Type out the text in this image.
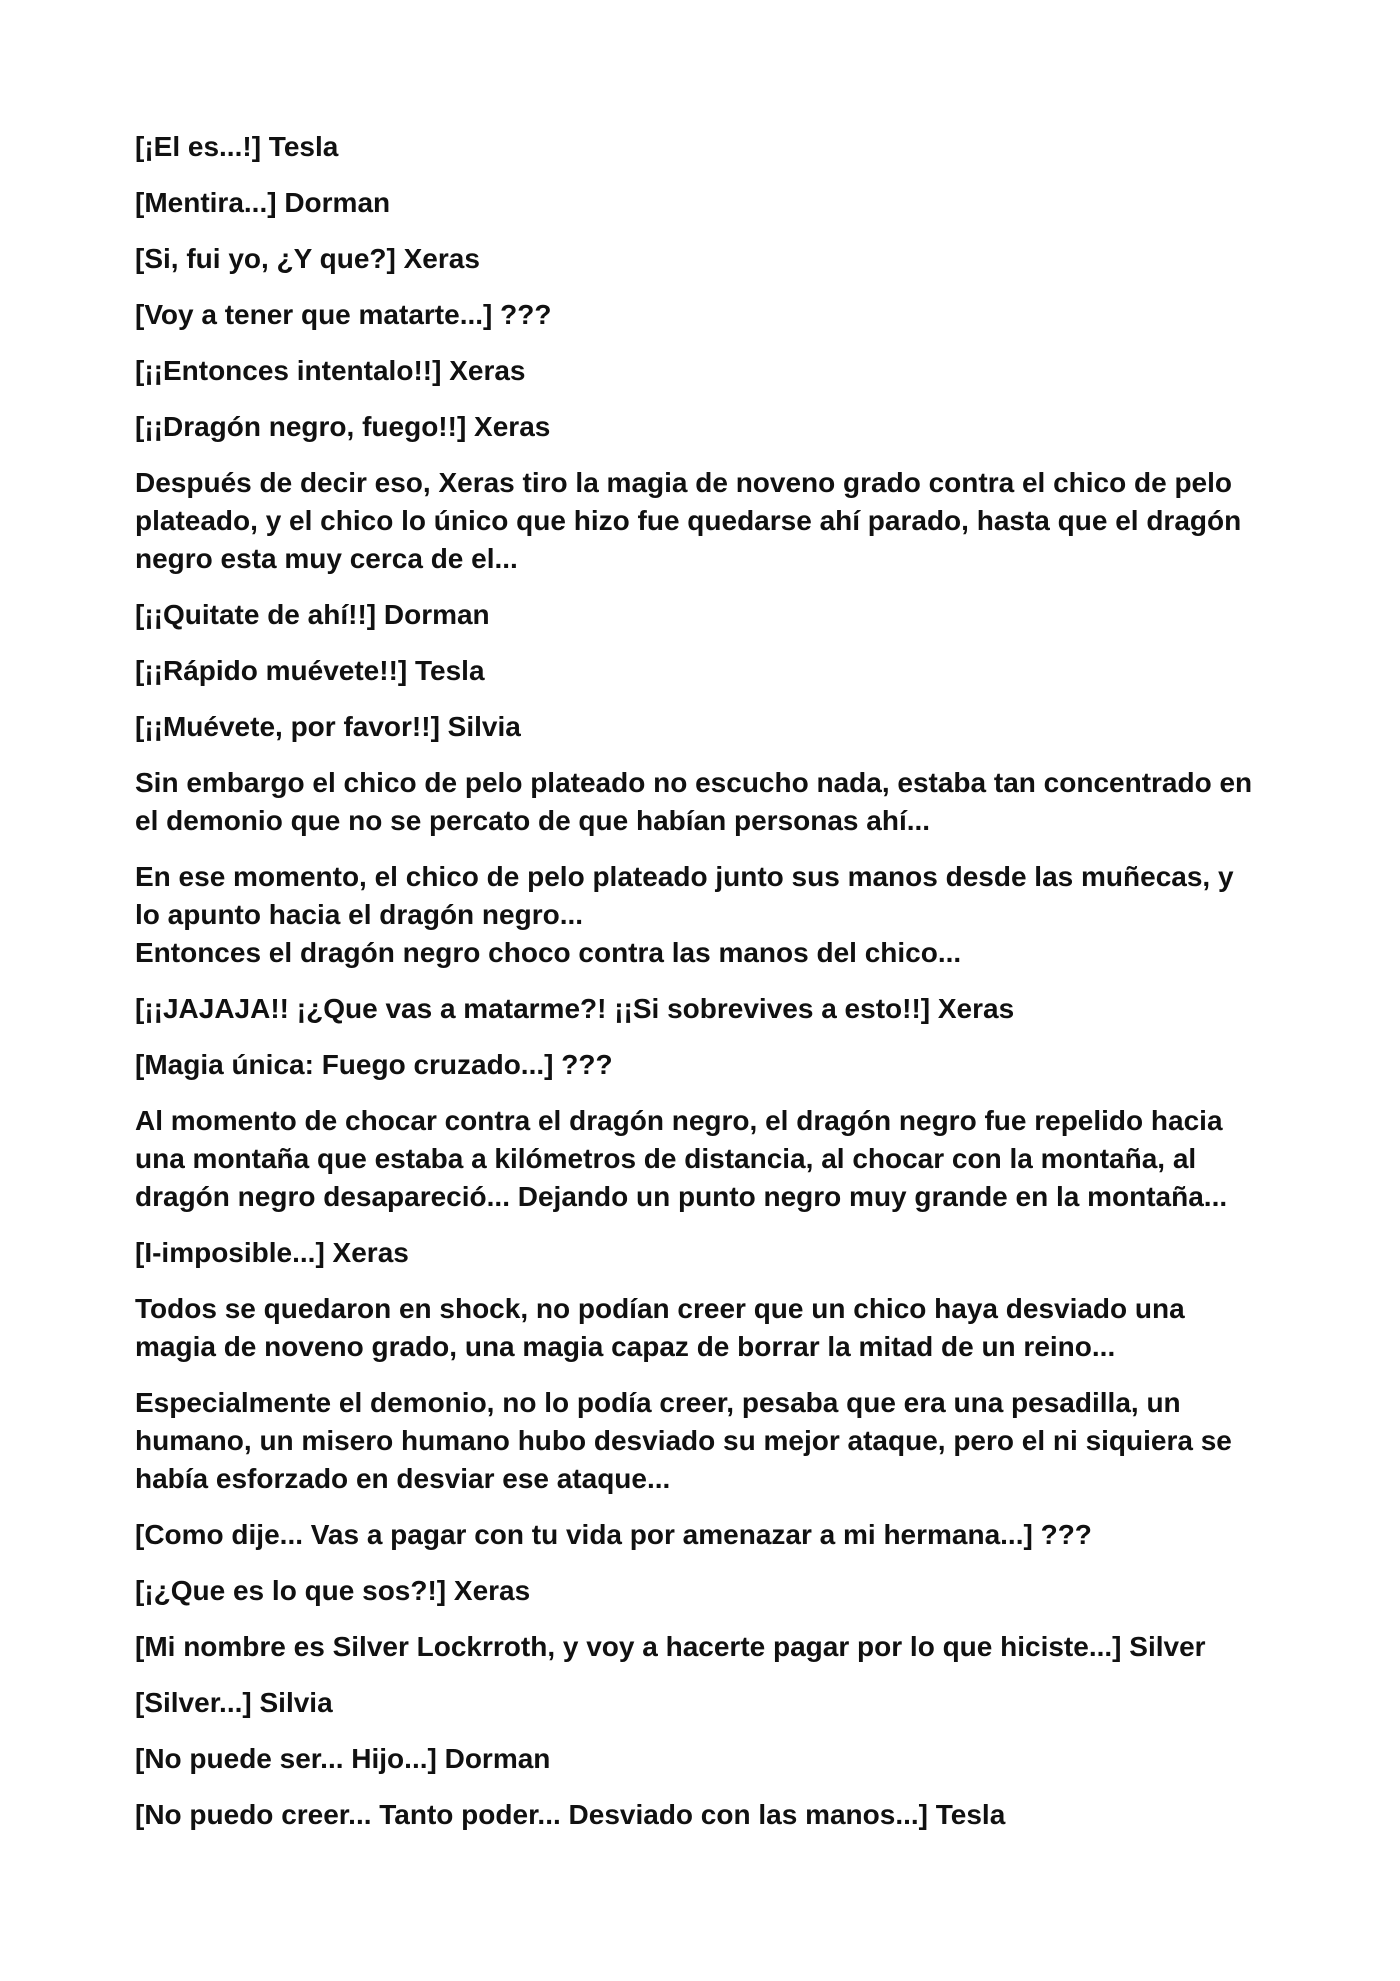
[¡El es...!] Tesla

[Mentira...] Dorman

[Si, fui yo, ¿Y que?] Xeras

[Voy a tener que matarte...] ???

[¡¡Entonces intentalo!!] Xeras

[¡¡Dragón negro, fuego!!] Xeras

Después de decir eso, Xeras tiro la magia de noveno grado contra el chico de pelo
plateado, y el chico lo único que hizo fue quedarse ahí parado, hasta que el dragón
negro esta muy cerca de el...

[¡¡Quitate de ahí!!] Dorman

[¡¡Rápido muévete!!] Tesla

[¡¡Muévete, por favor!!] Silvia

Sin embargo el chico de pelo plateado no escucho nada, estaba tan concentrado en
el demonio que no se percato de que habían personas ahí...

En ese momento, el chico de pelo plateado junto sus manos desde las muñecas, y
lo apunto hacia el dragón negro...
Entonces el dragón negro choco contra las manos del chico...

[¡¡JAJAJA!! ¡¿Que vas a matarme?! ¡¡Si sobrevives a esto!!] Xeras

[Magia única: Fuego cruzado...] ???

Al momento de chocar contra el dragón negro, el dragón negro fue repelido hacia
una montaña que estaba a kilómetros de distancia, al chocar con la montaña, al
dragón negro desapareció... Dejando un punto negro muy grande en la montaña...

[I-imposible...] Xeras

Todos se quedaron en shock, no podían creer que un chico haya desviado una
magia de noveno grado, una magia capaz de borrar la mitad de un reino...

Especialmente el demonio, no lo podía creer, pesaba que era una pesadilla, un
humano, un misero humano hubo desviado su mejor ataque, pero el ni siquiera se
había esforzado en desviar ese ataque...

[Como dije... Vas a pagar con tu vida por amenazar a mi hermana...] ???

[¡¿Que es lo que sos?!] Xeras

[Mi nombre es Silver Lockrroth, y voy a hacerte pagar por lo que hiciste...] Silver

[Silver...] Silvia

[No puede ser... Hijo...] Dorman

[No puedo creer... Tanto poder... Desviado con las manos...] Tesla
